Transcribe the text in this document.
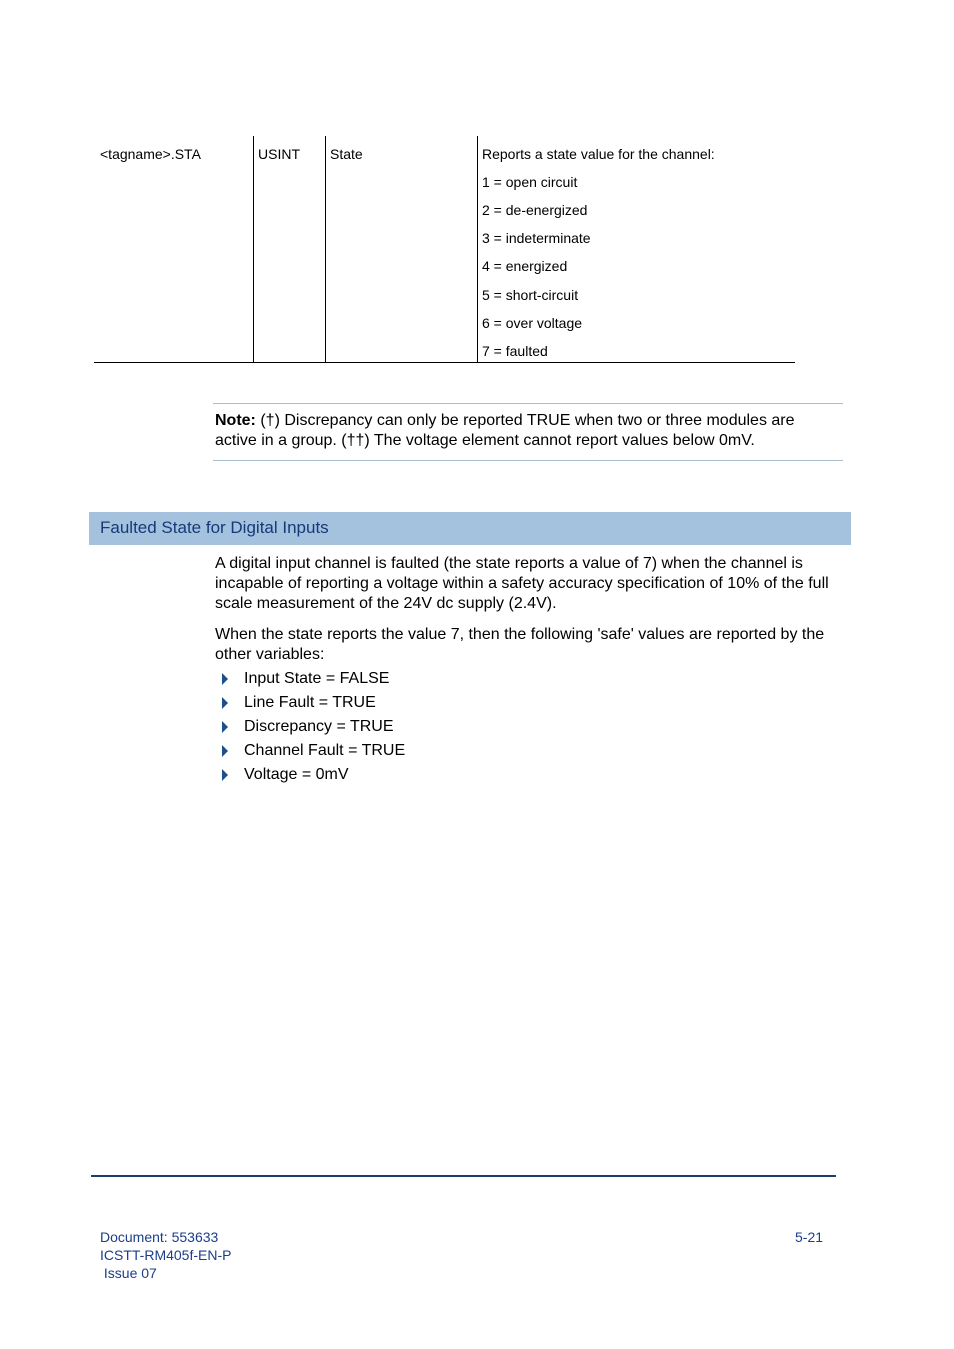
<tagname>.STA	USINT State	Reports a state value for the channel:
1 = open circuit
2 = de-energized
3 = indeterminate
4 = energized
5 = short-circuit
6 = over voltage
7 = faulted

Note: (†) Discrepancy can only be reported TRUE when two or three modules are active in a group. (††) The voltage element cannot report values below 0mV.

Faulted State for Digital Inputs

A digital input channel is faulted (the state reports a value of 7) when the channel is incapable of reporting a voltage within a safety accuracy specification of 10% of the full scale measurement of the 24V dc supply (2.4V).

When the state reports the value 7, then the following 'safe' values are reported by the other variables:

Input State = FALSE
Line Fault = TRUE
Discrepancy = TRUE
Channel Fault = TRUE
Voltage = 0mV
Document: 553633
ICSTT-RM405f-EN-P
Issue 07
5-21
